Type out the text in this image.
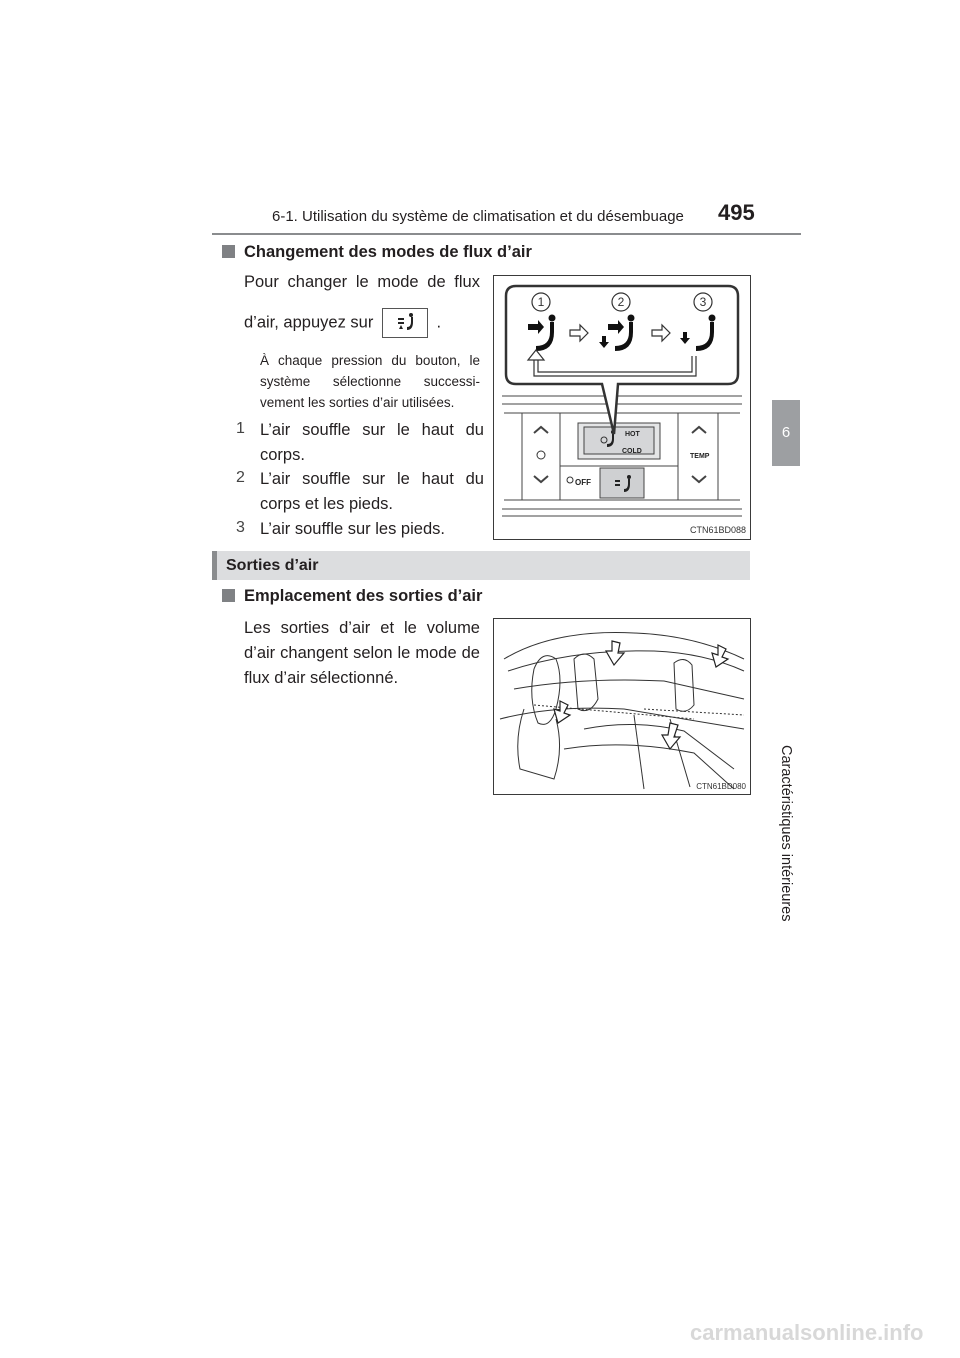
6-1. Utilisation du système de climatisation et du désembuage 495
6
Caractéristiques intérieures
Changement des modes de flux d’air
Pour changer le mode de flux
d’air, appuyez sur	.
À chaque pression du bouton, le système sélectionne successi-vement les sorties d’air utilisées.
1 L’air souffle sur le haut du corps.
2 L’air souffle sur le haut du corps et les pieds.
3 L’air souffle sur les pieds.
HOT
COLD
OFF
TEMP
1	2	3
CTN61BD088
Sorties d’air
Emplacement des sorties d’air
Les sorties d’air et le volume d’air changent selon le mode de flux d’air sélectionné.
CTN61BD080
carmanualsonline.info
